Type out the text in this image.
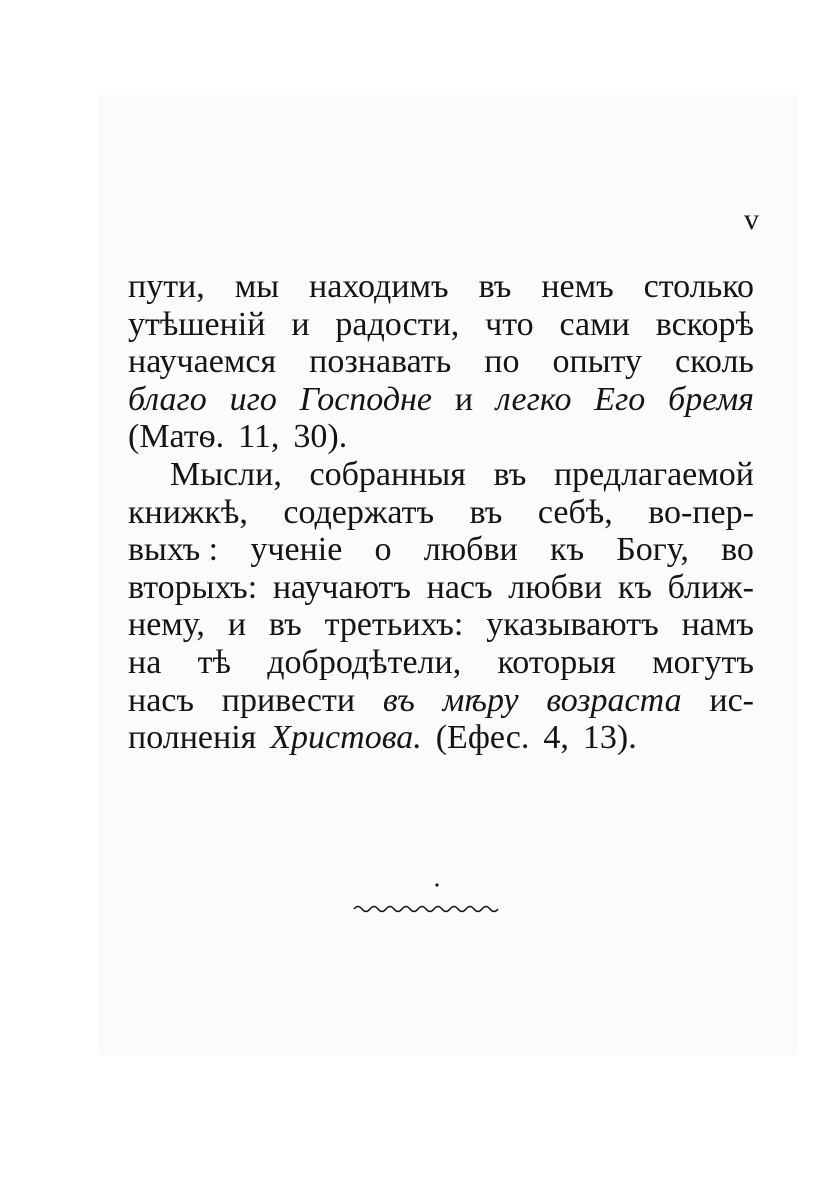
v
пути, мы находимъ въ немъ столько
утѣшеній и радости, что сами вскорѣ
научаемся познавать по опыту сколь
благо иго Господне и легко Его бремя
(Матѳ. 11, 30).
Мысли, собранныя въ предлагаемой
книжкѣ, содержатъ въ себѣ, во-пер-
выхъ : ученіе о любви къ Богу, во
вторыхъ: научаютъ насъ любви къ ближ-
нему, и въ третьихъ: указываютъ намъ
на тѣ добродѣтели, которыя могутъ
насъ привести въ мѣру возраста ис-
полненія Христова. (Ефес. 4, 13).
